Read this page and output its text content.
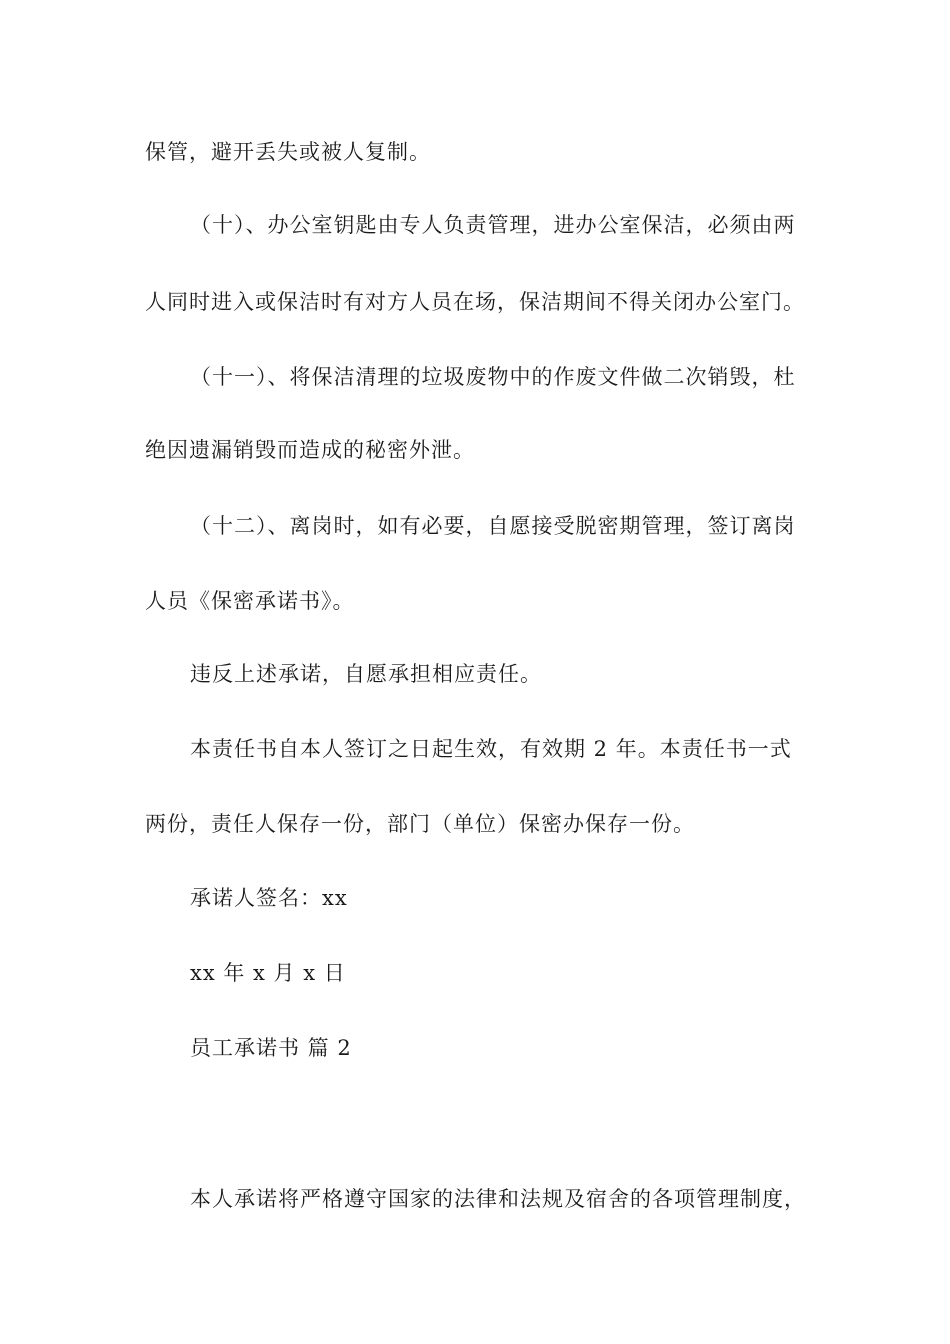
保管，避开丢失或被人复制。
（十）、办公室钥匙由专人负责管理，进办公室保洁，必须由两
人同时进入或保洁时有对方人员在场，保洁期间不得关闭办公室门。
（十一）、将保洁清理的垃圾废物中的作废文件做二次销毁，杜
绝因遗漏销毁而造成的秘密外泄。
（十二）、离岗时，如有必要，自愿接受脱密期管理，签订离岗
人员《保密承诺书》。
违反上述承诺，自愿承担相应责任。
本责任书自本人签订之日起生效，有效期 2 年。本责任书一式
两份，责任人保存一份，部门（单位）保密办保存一份。
承诺人签名：xx
xx 年 x 月 x 日
员工承诺书 篇 2
本人承诺将严格遵守国家的法律和法规及宿舍的各项管理制度，
